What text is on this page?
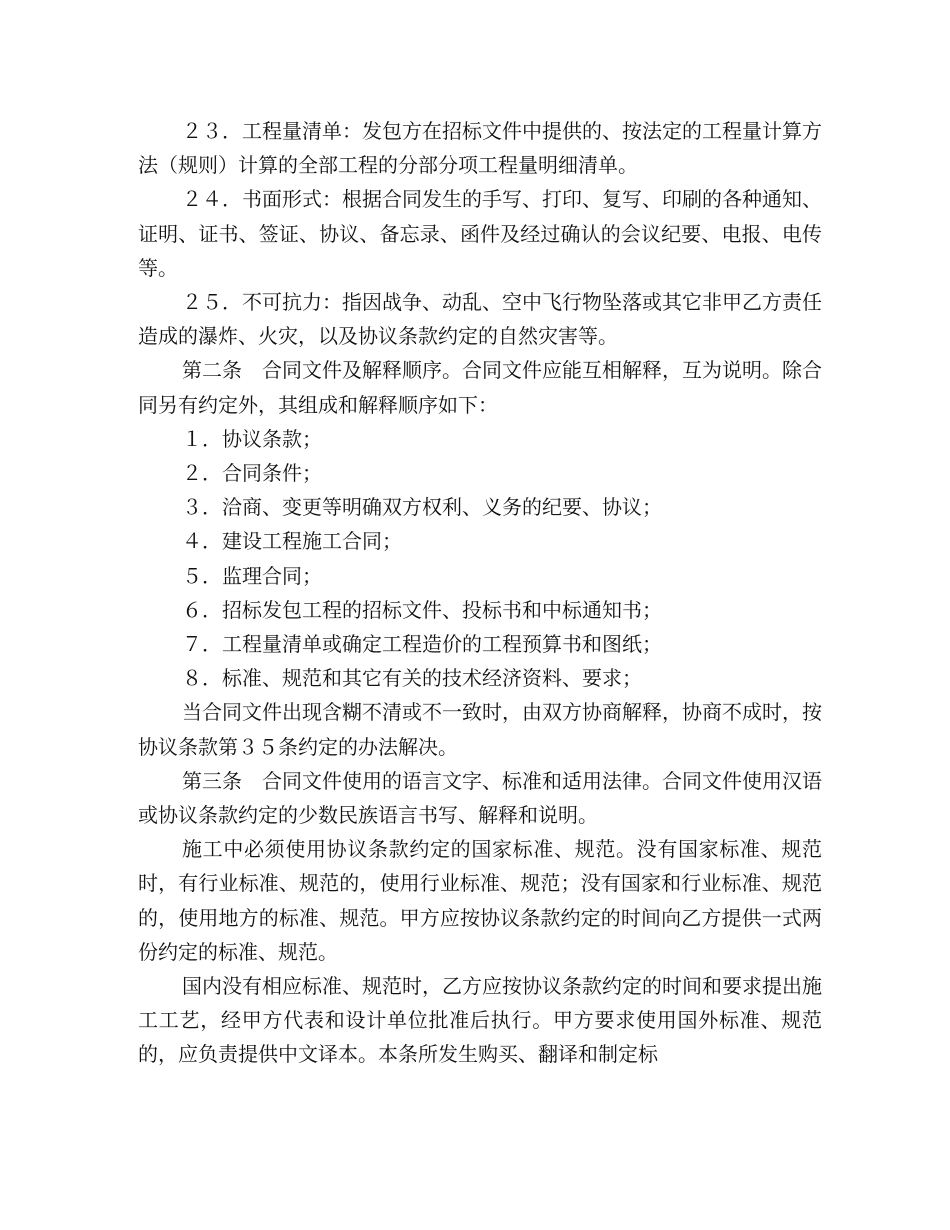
２３．工程量清单：发包方在招标文件中提供的、按法定的工程量计算方法（规则）计算的全部工程的分部分项工程量明细清单。

２４．书面形式：根据合同发生的手写、打印、复写、印刷的各种通知、证明、证书、签证、协议、备忘录、函件及经过确认的会议纪要、电报、电传等。

２５．不可抗力：指因战争、动乱、空中飞行物坠落或其它非甲乙方责任造成的瀑炸、火灾，以及协议条款约定的自然灾害等。

第二条　合同文件及解释顺序。合同文件应能互相解释，互为说明。除合同另有约定外，其组成和解释顺序如下：

１．协议条款；

２．合同条件；

３．洽商、变更等明确双方权利、义务的纪要、协议；

４．建设工程施工合同；

５．监理合同；

６．招标发包工程的招标文件、投标书和中标通知书；

７．工程量清单或确定工程造价的工程预算书和图纸；

８．标准、规范和其它有关的技术经济资料、要求；

当合同文件出现含糊不清或不一致时，由双方协商解释，协商不成时，按协议条款第３５条约定的办法解决。

第三条　合同文件使用的语言文字、标准和适用法律。合同文件使用汉语或协议条款约定的少数民族语言书写、解释和说明。

施工中必须使用协议条款约定的国家标准、规范。没有国家标准、规范时，有行业标准、规范的，使用行业标准、规范；没有国家和行业标准、规范的，使用地方的标准、规范。甲方应按协议条款约定的时间向乙方提供一式两份约定的标准、规范。

国内没有相应标准、规范时，乙方应按协议条款约定的时间和要求提出施工工艺，经甲方代表和设计单位批准后执行。甲方要求使用国外标准、规范的，应负责提供中文译本。本条所发生购买、翻译和制定标
